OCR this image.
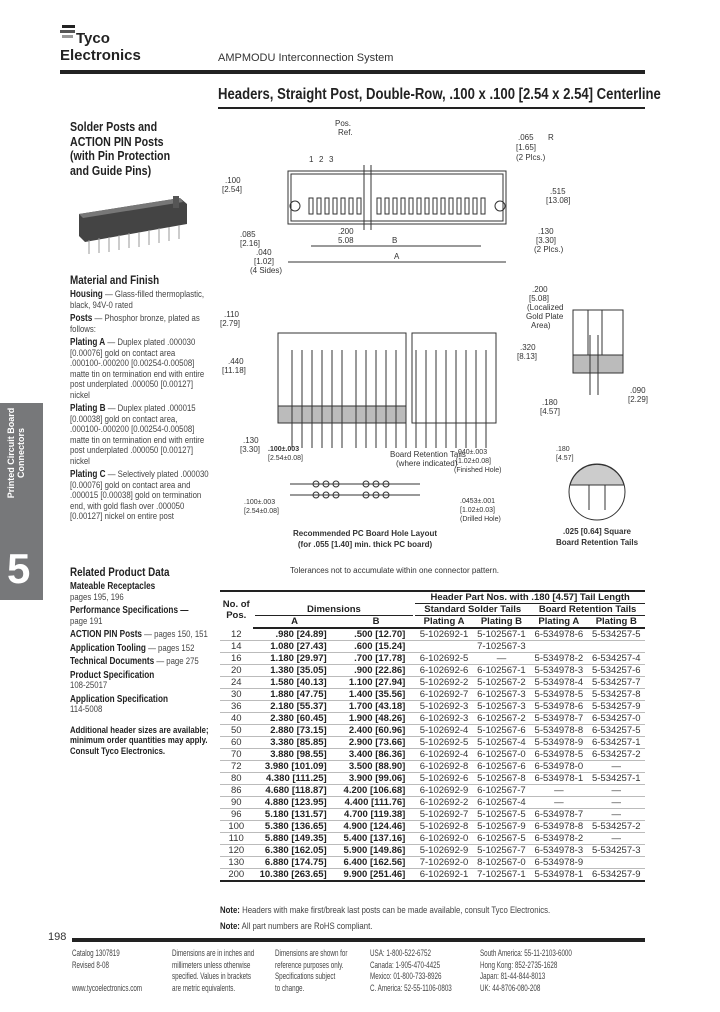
Tyco
Electronics	AMPMODU Interconnection System
Headers, Straight Post, Double-Row, .100 x .100 [2.54 x 2.54] Centerline
Solder Posts and
ACTION PIN Posts
(with Pin Protection
and Guide Pins)
Material and Finish

Housing — Glass-filled thermoplastic, black, 94V-0 rated

Posts — Phosphor bronze, plated as follows:

Plating A — Duplex plated .000030 [0.00076] gold on contact area .000100-.000200 [0.00254-0.00508] matte tin on termination end with entire post underplated .000050 [0.00127] nickel

Plating B — Duplex plated .000015 [0.00038] gold on contact area, .000100-.000200 [0.00254-0.00508] matte tin on termination end with entire post underplated .000050 [0.00127] nickel

Plating C — Selectively plated .000030 [0.00076] gold on contact area and .000015 [0.00038] gold on termination end, with gold flash over .000050 [0.00127] nickel on entire post

Related Product Data

Mateable Receptacles
pages 195, 196

Performance Specifications —
page 191

ACTION PIN Posts — pages 150, 151

Application Tooling — pages 152

Technical Documents — page 275

Product Specification
108-25017

Application Specification
114-5008

Additional header sizes are available; minimum order quantities may apply. Consult Tyco Electronics.

Printed Circuit Board Connectors
5
Pos.
Ref.
1 2 3
.100
[2.54]
.085
[2.16]
.040
[1.02]
(4 Sides)
.200
5.08
.065
[1.65]
R
(2 Plcs.)
.515
[13.08]
.130
[3.30]
(2 Plcs.)
B
A
.110
[2.79]
.440
[11.18]
.130
[3.30]
Board Retention Tails
(where indicated)
.200
[5.08]
(Localized
Gold Plate
Area)
.320
[8.13]
.180
[4.57]
.090
[2.29]
.100±.003
[2.54±0.08]
.100±.003
[2.54±0.08]
.040±.003
[1.02±0.08]
(Finished Hole)
.0453±.001
[1.02±0.03]
(Drilled Hole)
Recommended PC Board Hole Layout
(for .055 [1.40] min. thick PC board)
Tolerances not to accumulate within one connector pattern.
.180
[4.57]
.025 [0.64] Square
Board Retention Tails
No. of
Pos.	Dimensions		Header Part Nos. with .180 [4.57] Tail Length			
			Standard Solder Tails		Board Retention Tails	
	A	B	Plating A	Plating B	Plating A	Plating B
12	.980 [24.89]	.500 [12.70]	5-102692-1	5-102567-1	6-534978-6	5-534257-5
14	1.080 [27.43]	.600 [15.24]		7-102567-3		
16	1.180 [29.97]	.700 [17.78]	6-102692-5	—	5-534978-2	6-534257-4
20	1.380 [35.05]	.900 [22.86]	6-102692-6	6-102567-1	5-534978-3	5-534257-6
24	1.580 [40.13]	1.100 [27.94]	5-102692-2	5-102567-2	5-534978-4	5-534257-7
30	1.880 [47.75]	1.400 [35.56]	6-102692-7	6-102567-3	5-534978-5	5-534257-8
36	2.180 [55.37]	1.700 [43.18]	5-102692-3	5-102567-3	5-534978-6	5-534257-9
40	2.380 [60.45]	1.900 [48.26]	6-102692-3	6-102567-2	5-534978-7	6-534257-0
50	2.880 [73.15]	2.400 [60.96]	5-102692-4	5-102567-6	5-534978-8	6-534257-5
60	3.380 [85.85]	2.900 [73.66]	5-102692-5	5-102567-4	5-534978-9	6-534257-1
70	3.880 [98.55]	3.400 [86.36]	6-102692-4	6-102567-0	6-534978-5	6-534257-2
72	3.980 [101.09]	3.500 [88.90]	6-102692-8	6-102567-6	6-534978-0	—
80	4.380 [111.25]	3.900 [99.06]	5-102692-6	5-102567-8	6-534978-1	5-534257-1
86	4.680 [118.87]	4.200 [106.68]	6-102692-9	6-102567-7	—	—
90	4.880 [123.95]	4.400 [111.76]	6-102692-2	6-102567-4	—	—
96	5.180 [131.57]	4.700 [119.38]	5-102692-7	5-102567-5	6-534978-7	—
100	5.380 [136.65]	4.900 [124.46]	5-102692-8	5-102567-9	6-534978-8	5-534257-2
110	5.880 [149.35]	5.400 [137.16]	6-102692-0	6-102567-5	6-534978-2	—
120	6.380 [162.05]	5.900 [149.86]	5-102692-9	5-102567-7	6-534978-3	5-534257-3
130	6.880 [174.75]	6.400 [162.56]	7-102692-0	8-102567-0	6-534978-9	
200	10.380 [263.65]	9.900 [251.46]	6-102692-1	7-102567-1	5-534978-1	6-534257-9
Note: Headers with make first/break last posts can be made available, consult Tyco Electronics.
Note: All part numbers are RoHS compliant.
198
Catalog 1307819
Revised 8-08

www.tycoelectronics.com
Dimensions are in inches and
millimeters unless otherwise
specified. Values in brackets
are metric equivalents.
Dimensions are shown for
reference purposes only.
Specifications subject
to change.
USA: 1-800-522-6752
Canada: 1-905-470-4425
Mexico: 01-800-733-8926
C. America: 52-55-1106-0803
South America: 55-11-2103-6000
Hong Kong: 852-2735-1628
Japan: 81-44-844-8013
UK: 44-8706-080-208
